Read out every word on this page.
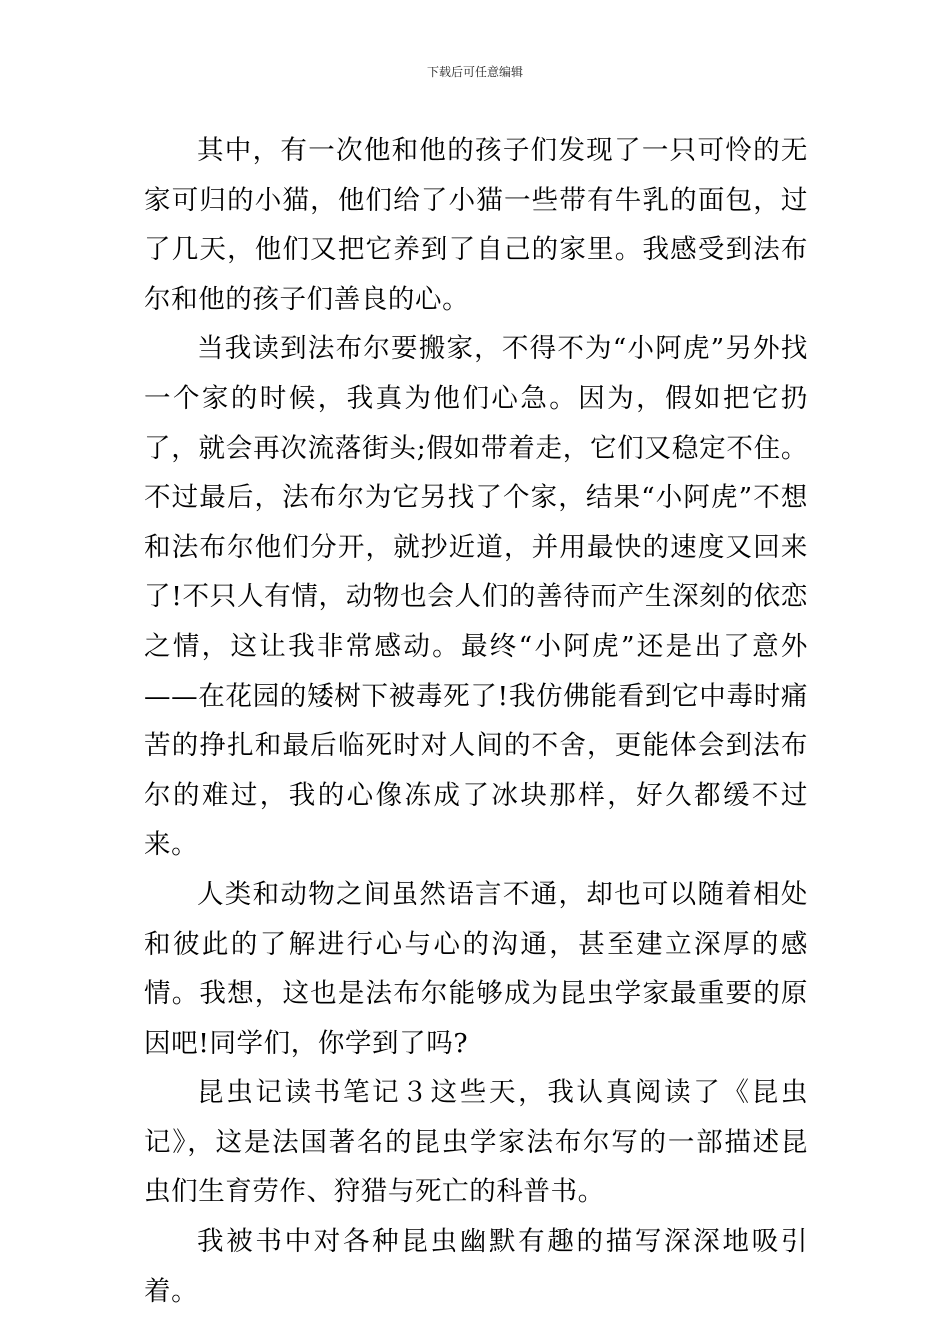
下载后可任意编辑

其中，有一次他和他的孩子们发现了一只可怜的无家可归的小猫，他们给了小猫一些带有牛乳的面包，过了几天，他们又把它养到了自己的家里。我感受到法布尔和他的孩子们善良的心。

当我读到法布尔要搬家，不得不为“小阿虎”另外找一个家的时候，我真为他们心急。因为，假如把它扔了，就会再次流落街头;假如带着走，它们又稳定不住。不过最后，法布尔为它另找了个家，结果“小阿虎”不想和法布尔他们分开，就抄近道，并用最快的速度又回来了!不只人有情，动物也会人们的善待而产生深刻的依恋之情，这让我非常感动。最终“小阿虎”还是出了意外——在花园的矮树下被毒死了!我仿佛能看到它中毒时痛苦的挣扎和最后临死时对人间的不舍，更能体会到法布尔的难过，我的心像冻成了冰块那样，好久都缓不过来。

人类和动物之间虽然语言不通，却也可以随着相处和彼此的了解进行心与心的沟通，甚至建立深厚的感情。我想，这也是法布尔能够成为昆虫学家最重要的原因吧!同学们，你学到了吗?

昆虫记读书笔记３这些天，我认真阅读了《昆虫记》，这是法国著名的昆虫学家法布尔写的一部描述昆虫们生育劳作、狩猎与死亡的科普书。

我被书中对各种昆虫幽默有趣的描写深深地吸引着。
